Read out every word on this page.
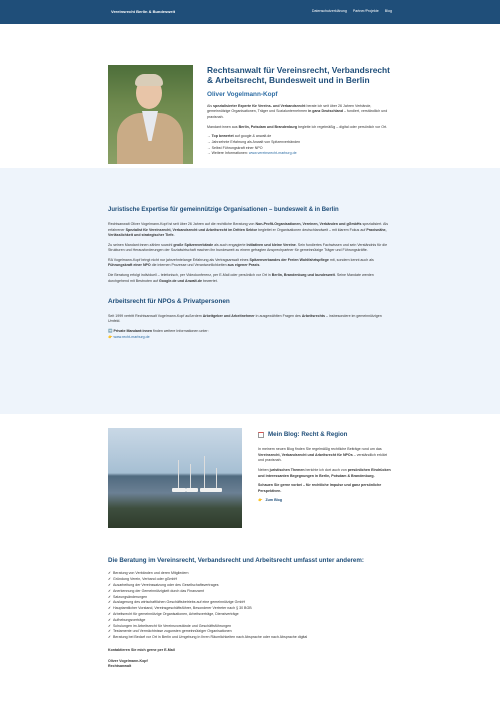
Vereinsrecht Berlin & Bundesweit	Datenschutzerklärung Partner/Projekte Blog
Rechtsanwalt für Vereinsrecht, Verbandsrecht & Arbeitsrecht, Bundesweit und in Berlin
Oliver Vogelmann-Kopf

Als spezialisierter Experte für Vereins- und Verbandsrecht berate ich seit über 26 Jahren Verbände, gemeinnützige Organisationen, Träger und Sozialunternehmen in ganz Deutschland – fundiert, verständlich und praxisnah.

Mandant:innen aus Berlin, Potsdam und Brandenburg begleite ich regelmäßig – digital oder persönlich vor Ort.

→ Top bewertet auf google & anwalt.de
→ Jahrzehnte Erfahrung als Anwalt von Spitzenverbänden
→ Selbst Führungskraft einer NPO
→ Weitere Informationen: www.vereinsrecht-marburg.de
Juristische Expertise für gemeinnützige Organisationen – bundesweit & in Berlin

Rechtsanwalt Oliver Vogelmann-Kopf ist seit über 26 Jahren auf die rechtliche Beratung von Non-Profit-Organisationen, Vereinen, Verbänden und gGmbHs spezialisiert. Als erfahrener Spezialist für Vereinsrecht, Verbandsrecht und Arbeitsrecht im Dritten Sektor begleitet er Organisationen deutschlandweit – mit klarem Fokus auf Praxisnähe, Verlässlichkeit und strategischer Tiefe.

Zu seinen Mandant:innen zählen sowohl große Spitzenverbände als auch engagierte Initiativen und kleine Vereine. Sein fundiertes Fachwissen und sein Verständnis für die Strukturen und Herausforderungen der Sozialwirtschaft machen ihn bundesweit zu einem gefragten Ansprechpartner für gemeinnützige Träger und Führungskräfte.

RA Vogelmann-Kopf bringt nicht nur jahrzehntelange Erfahrung als Vertragsanwalt eines Spitzenverbandes der Freien Wohlfahrtspflege mit, sondern kennt auch als Führungskraft einer NPO die internen Prozesse und Verantwortlichkeiten aus eigener Praxis.

Die Beratung erfolgt individuell – telefonisch, per Videokonferenz, per E-Mail oder persönlich vor Ort in Berlin, Brandenburg und bundesweit. Seine Mandate werden durchgehend mit Bestnoten auf Google.de und Anwalt.de bewertet.

Arbeitsrecht für NPOs & Privatpersonen

Seit 1999 vertritt Rechtsanwalt Vogelmann-Kopf außerdem Arbeitgeber und Arbeitnehmer in ausgewählten Fragen des Arbeitsrechts – insbesondere im gemeinnützigen Umfeld.

➡️ Private Mandant:innen finden weitere Informationen unter:

👉 www.recht-marburg.de

Mein Blog: Recht & Region

In meinem neuen Blog finden Sie regelmäßig rechtliche Beiträge rund um das Vereinsrecht, Verbandsrecht und Arbeitsrecht für NPOs – verständlich erklärt und praxisnah.

Neben juristischen Themen berichte ich dort auch von persönlichen Eindrücken und interessanten Begegnungen in Berlin, Potsdam & Brandenburg.

Schauen Sie gerne vorbei – für rechtliche Impulse und ganz persönliche Perspektiven.

👉 Zum Blog
Die Beratung im Vereinsrecht, Verbandsrecht und Arbeitsrecht umfasst unter anderem:
✓ Beratung von Verbänden und deren Mitgliedern
✓ Gründung Verein, Verband oder gGmbH
✓ Ausarbeitung der Vereinssatzung oder des Gesellschaftsvertrages
✓ Anerkennung der Gemeinnützigkeit durch das Finanzamt
✓ Satzungsänderungen
✓ Auslagerung des wirtschaftlichen Geschäftsbetriebs auf eine gemeinnützige GmbH
✓ Hauptamtlicher Vorstand, Vereinsgeschäftsführer, Besonderer Vertreter nach § 30 BGB
✓ Arbeitsrecht für gemeinnützige Organisationen, Arbeitsverträge, Dienstverträge
✓ Aufhebungsverträge
✓ Schulungen im Arbeitsrecht für Vereinsvorstände und Geschäftsführungen
✓ Testamente und Vermächtnisse zugunsten gemeinnütziger Organisationen
✓ Beratung bei Bedarf vor Ort in Berlin und Umgebung in Ihren Räumlichkeiten nach Absprache oder nach Absprache digital

Kontaktieren Sie mich gerne per E-Mail

Oliver Vogelmann-Kopf

Rechtsanwalt
